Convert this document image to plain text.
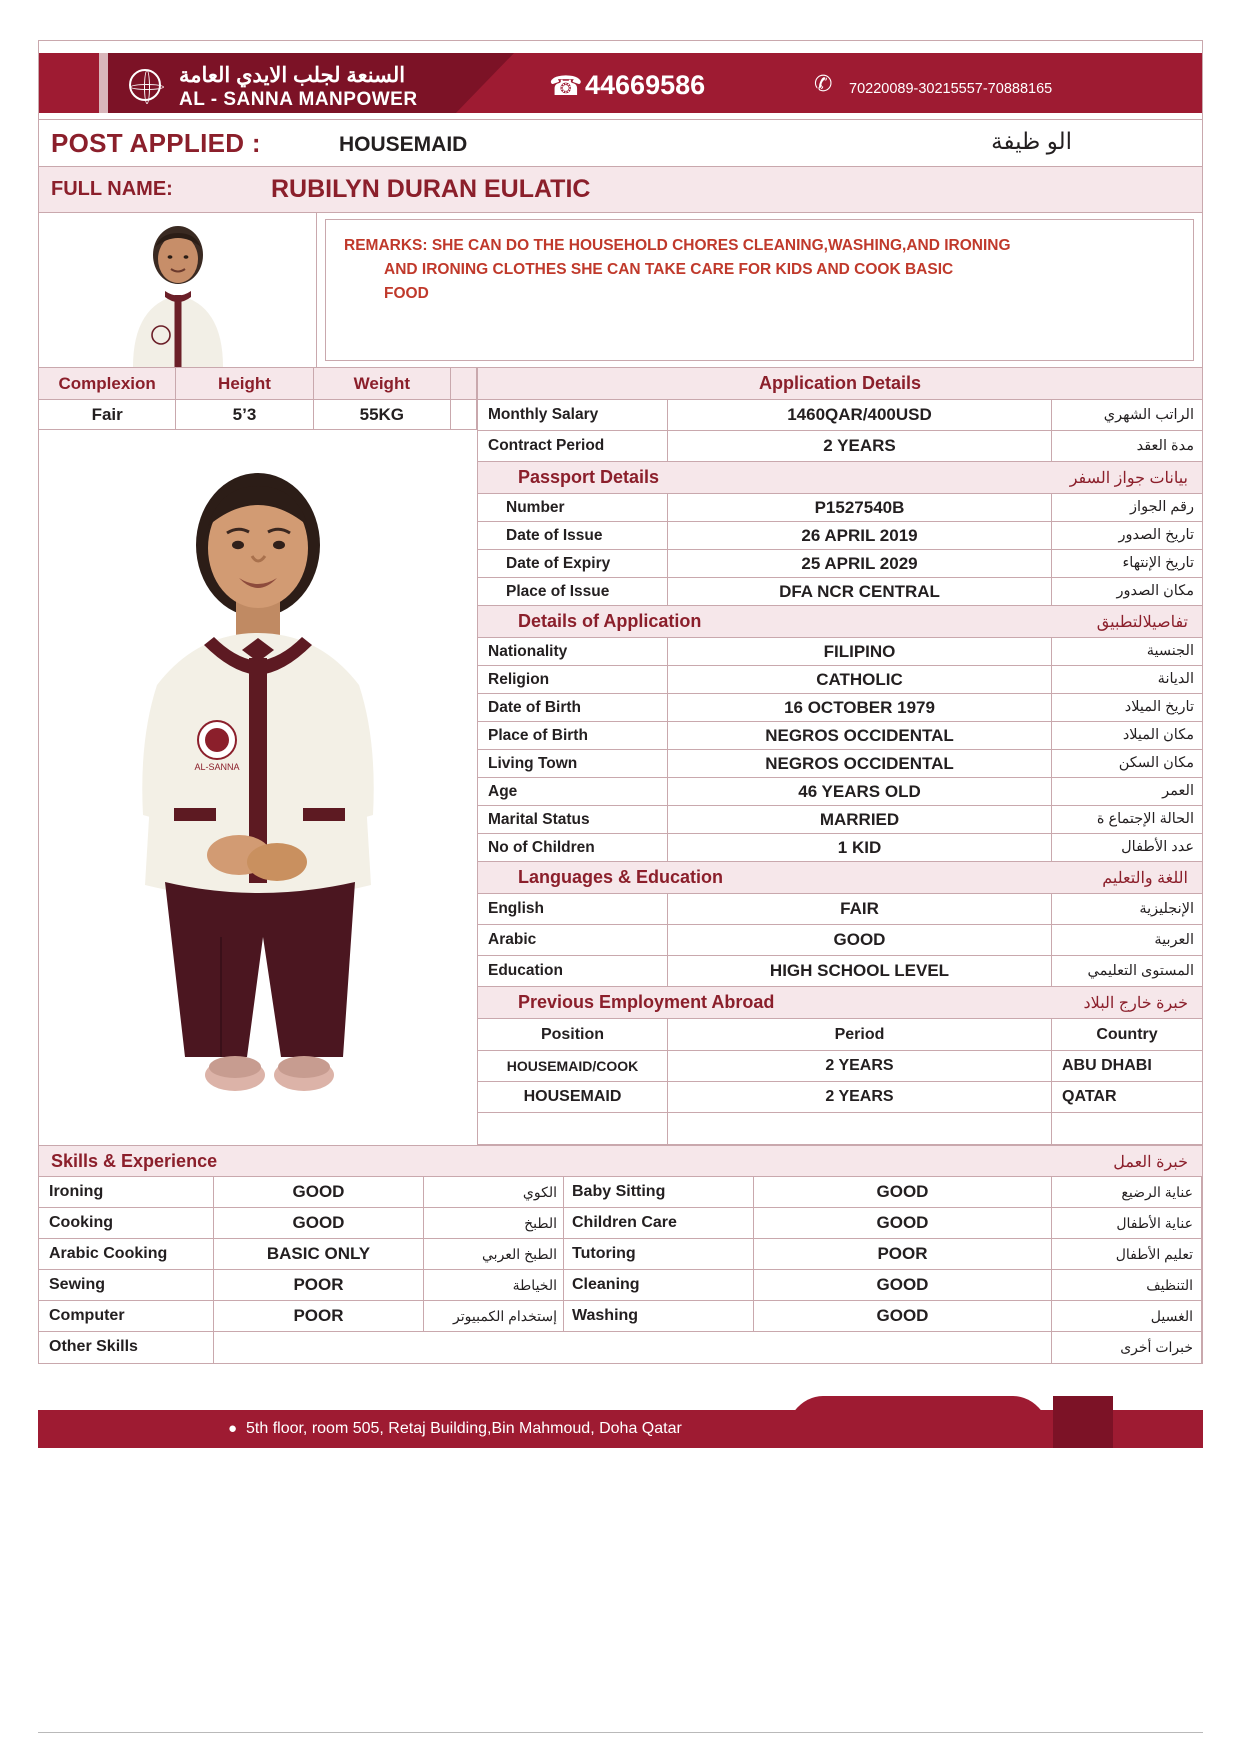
السنعة لجلب الايدي العامة
AL - SANNA MANPOWER	☎ 44669586	✆ 70220089-30215557-70888165
POST APPLIED :	HOUSEMAID	الو ظيفة
FULL NAME:	RUBILYN DURAN EULATIC
REMARKS: SHE CAN DO THE HOUSEHOLD CHORES CLEANING,WASHING,AND IRONING
AND IRONING CLOTHES SHE CAN TAKE CARE FOR KIDS AND COOK BASIC
FOOD
Complexion	Height	Weight
Fair	5’3	55KG
AL-SANNA
Application Details
Monthly Salary	1460QAR/400USD	الراتب الشهري
Contract Period	2 YEARS	مدة العقد
Passport Details	بيانات جواز السفر
Number	P1527540B	رقم الجواز
Date of Issue	26 APRIL 2019	تاريخ الصدور
Date of Expiry	25 APRIL 2029	تاريخ الإنتهاء
Place of Issue	DFA NCR CENTRAL	مكان الصدور
Details of Application	تفاصيلالتطبيق
Nationality	FILIPINO	الجنسية
Religion	CATHOLIC	الديانة
Date of Birth	16 OCTOBER 1979	تاريخ الميلاد
Place of Birth	NEGROS OCCIDENTAL	مكان الميلاد
Living Town	NEGROS OCCIDENTAL	مكان السكن
Age	46 YEARS OLD	العمر
Marital Status	MARRIED	الحالة الإجتماع ة
No of Children	1 KID	عدد الأطفال
Languages & Education	اللغة والتعليم
English	FAIR	الإنجليزية
Arabic	GOOD	العربية
Education	HIGH SCHOOL LEVEL	المستوى التعليمي
Previous Employment Abroad	خبرة خارج البلاد
Position	Period	Country
HOUSEMAID/COOK	2 YEARS	ABU DHABI
HOUSEMAID	2 YEARS	QATAR
Skills & Experience	خبرة العمل
Ironing	GOOD	الكوي Baby Sitting	GOOD	عناية الرضيع
Cooking	GOOD	الطبخ Children Care	GOOD	عناية الأطفال
Arabic Cooking	BASIC ONLY	الطبخ العربي Tutoring	POOR	تعليم الأطفال
Sewing	POOR	الخياطة Cleaning	GOOD	التنظيف
Computer	POOR	إستخدام الكمبيوتر Washing	GOOD	الغسيل
Other Skills	خبرات أخرى
● 5th floor, room 505, Retaj Building,Bin Mahmoud, Doha Qatar
